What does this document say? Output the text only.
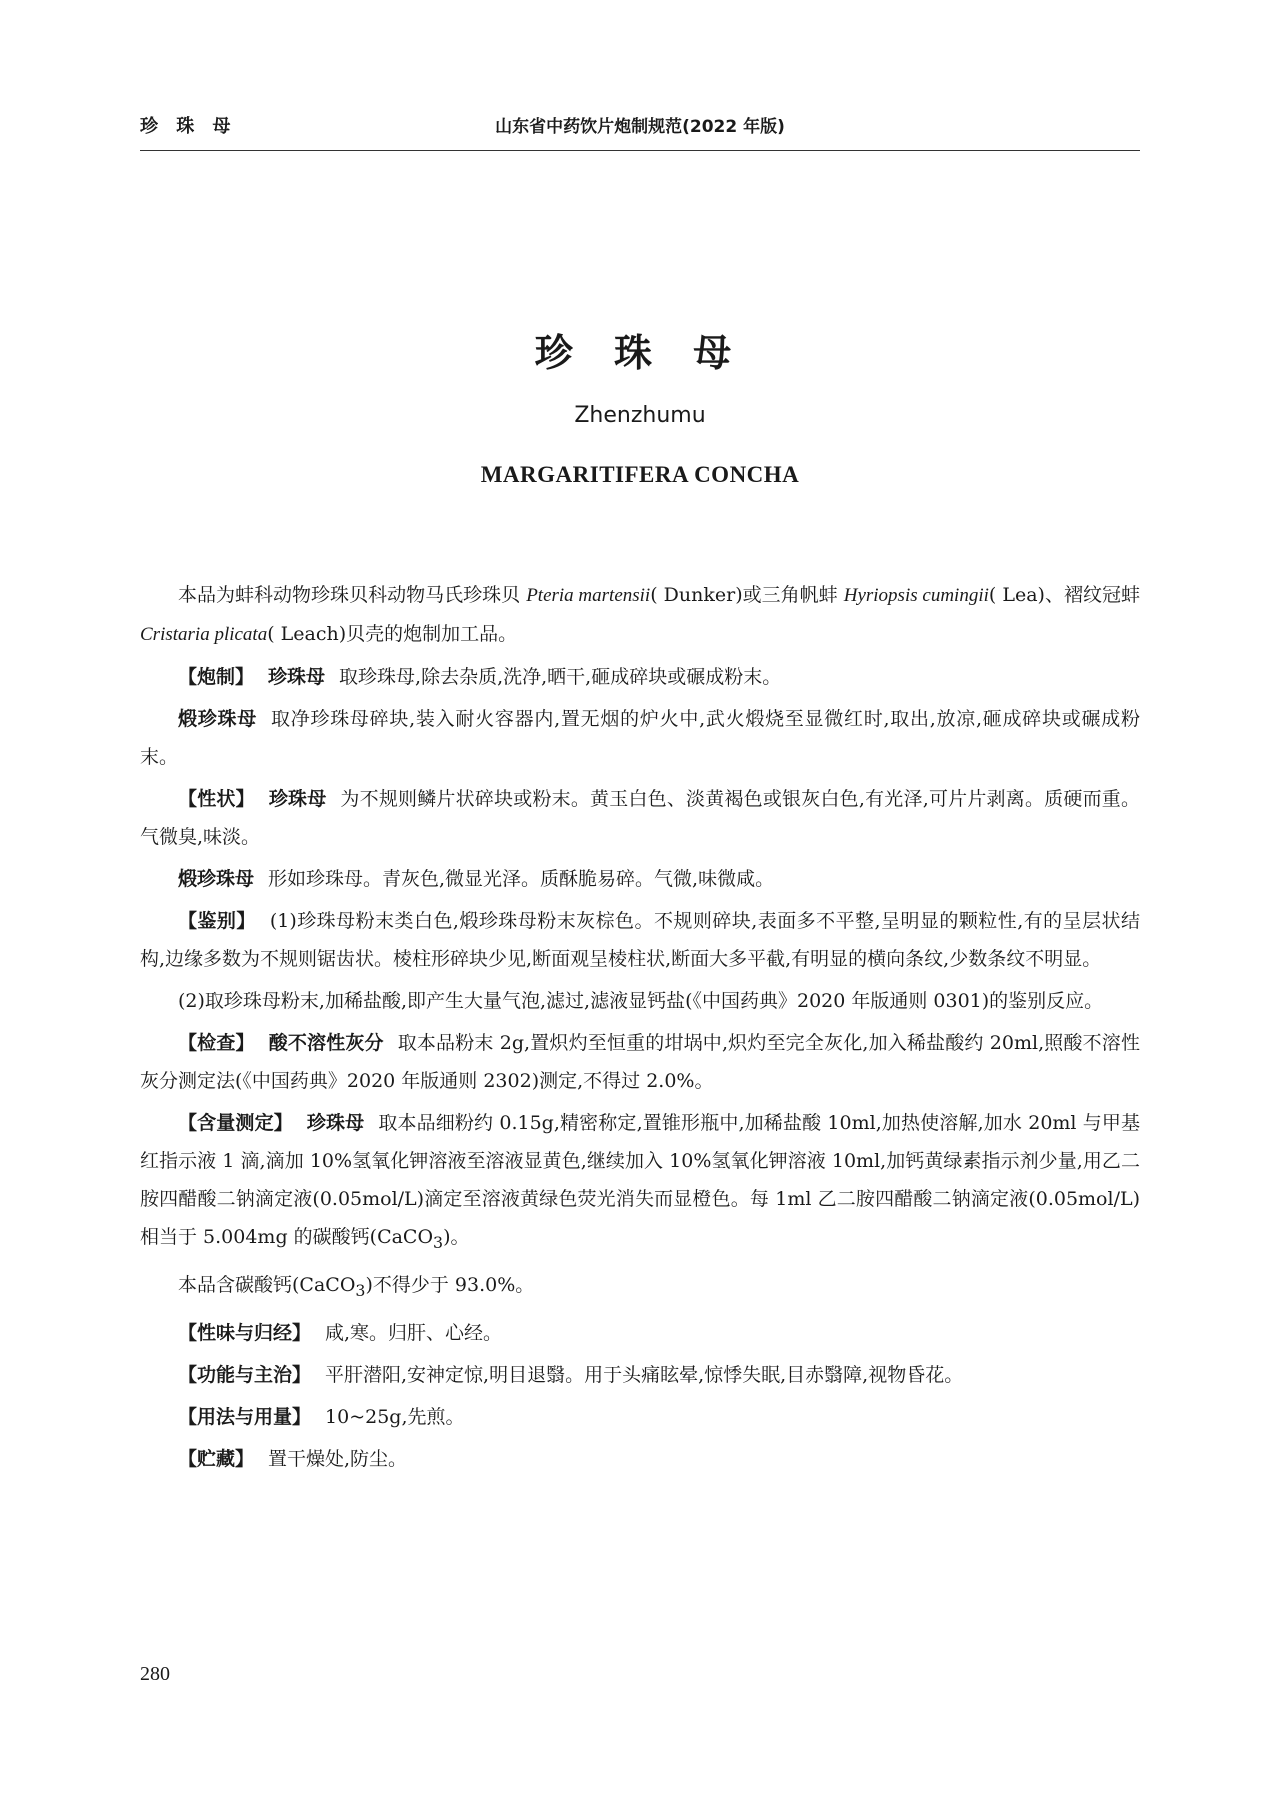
珍 珠 母	山东省中药饮片炮制规范(2022 年版)
珍 珠 母
Zhenzhumu
MARGARITIFERA CONCHA

本品为蚌科动物珍珠贝科动物马氏珍珠贝 Pteria martensii( Dunker)或三角帆蚌 Hyriopsis cumingii( Lea)、褶纹冠蚌 Cristaria plicata( Leach)贝壳的炮制加工品。

【炮制】 珍珠母 取珍珠母,除去杂质,洗净,晒干,砸成碎块或碾成粉末。

煅珍珠母 取净珍珠母碎块,装入耐火容器内,置无烟的炉火中,武火煅烧至显微红时,取出,放凉,砸成碎块或碾成粉末。

【性状】 珍珠母 为不规则鳞片状碎块或粉末。黄玉白色、淡黄褐色或银灰白色,有光泽,可片片剥离。质硬而重。气微臭,味淡。

煅珍珠母 形如珍珠母。青灰色,微显光泽。质酥脆易碎。气微,味微咸。

【鉴别】 (1)珍珠母粉末类白色,煅珍珠母粉末灰棕色。不规则碎块,表面多不平整,呈明显的颗粒性,有的呈层状结构,边缘多数为不规则锯齿状。棱柱形碎块少见,断面观呈棱柱状,断面大多平截,有明显的横向条纹,少数条纹不明显。

(2)取珍珠母粉末,加稀盐酸,即产生大量气泡,滤过,滤液显钙盐(《中国药典》2020 年版通则 0301)的鉴别反应。

【检查】 酸不溶性灰分 取本品粉末 2g,置炽灼至恒重的坩埚中,炽灼至完全灰化,加入稀盐酸约 20ml,照酸不溶性灰分测定法(《中国药典》2020 年版通则 2302)测定,不得过 2.0%。

【含量测定】 珍珠母 取本品细粉约 0.15g,精密称定,置锥形瓶中,加稀盐酸 10ml,加热使溶解,加水 20ml 与甲基红指示液 1 滴,滴加 10%氢氧化钾溶液至溶液显黄色,继续加入 10%氢氧化钾溶液 10ml,加钙黄绿素指示剂少量,用乙二胺四醋酸二钠滴定液(0.05mol/L)滴定至溶液黄绿色荧光消失而显橙色。每 1ml 乙二胺四醋酸二钠滴定液(0.05mol/L)相当于 5.004mg 的碳酸钙(CaCO$_3$)。

本品含碳酸钙(CaCO$_3$)不得少于 93.0%。

【性味与归经】 咸,寒。归肝、心经。

【功能与主治】 平肝潜阳,安神定惊,明目退翳。用于头痛眩晕,惊悸失眠,目赤翳障,视物昏花。

【用法与用量】 10~25g,先煎。

【贮藏】 置干燥处,防尘。

280
